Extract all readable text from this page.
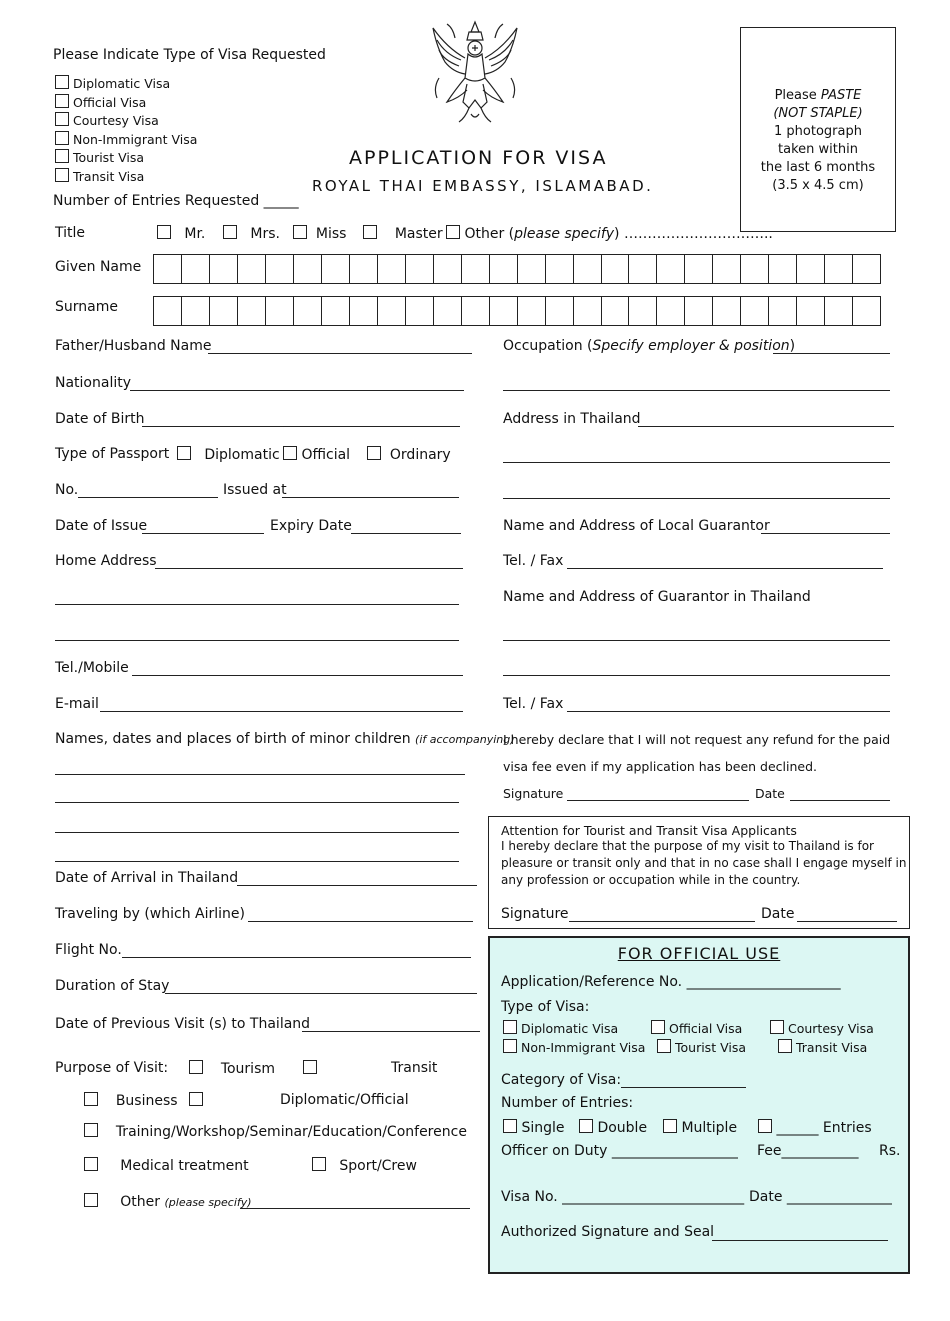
Please Indicate Type of Visa Requested
Diplomatic Visa
Official Visa
Courtesy Visa
Non-Immigrant Visa
Tourist Visa
Transit Visa
Number of Entries Requested _____
APPLICATION FOR VISA
ROYAL THAI EMBASSY, ISLAMABAD.
Please PASTE
(NOT STAPLE)
1 photograph
taken within
the last 6 months
(3.5 x 4.5 cm)
Title	Mr.	Mrs.	Miss	Master	Other (please specify) …………………………..
Given Name
Surname
Father/Husband Name
Nationality
Date of Birth
Type of Passport	Diplomatic	Official	Ordinary
No.	Issued at
Date of Issue	Expiry Date
Home Address
Tel./Mobile
E-mail
Names, dates and places of birth of minor children (if accompanying)
Date of Arrival in Thailand
Traveling by (which Airline)
Flight No.
Duration of Stay
Date of Previous Visit (s) to Thailand
Purpose of Visit:	Tourism	Transit
Business	Diplomatic/Official
Training/Workshop/Seminar/Education/Conference
Medical treatment	Sport/Crew
Other (please specify)
Occupation (Specify employer & position)
Address in Thailand
Name and Address of Local Guarantor
Tel. / Fax
Name and Address of Guarantor in Thailand
Tel. / Fax
I hereby declare that I will not request any refund for the paid
visa fee even if my application has been declined.
Signature	Date
Attention for Tourist and Transit Visa Applicants
I hereby declare that the purpose of my visit to Thailand is for
pleasure or transit only and that in no case shall I engage myself in
any profession or occupation while in the country.
Signature	Date
FOR OFFICIAL USE
Application/Reference No. ______________________
Type of Visa:
Diplomatic Visa	Official Visa	Courtesy Visa
Non-Immigrant Visa	Tourist Visa	Transit Visa
Category of Visa:
Number of Entries:
Single	Double	Multiple	______ Entries
Officer on Duty __________________ Fee___________ Rs.
Visa No. __________________________ Date _______________
Authorized Signature and Seal
